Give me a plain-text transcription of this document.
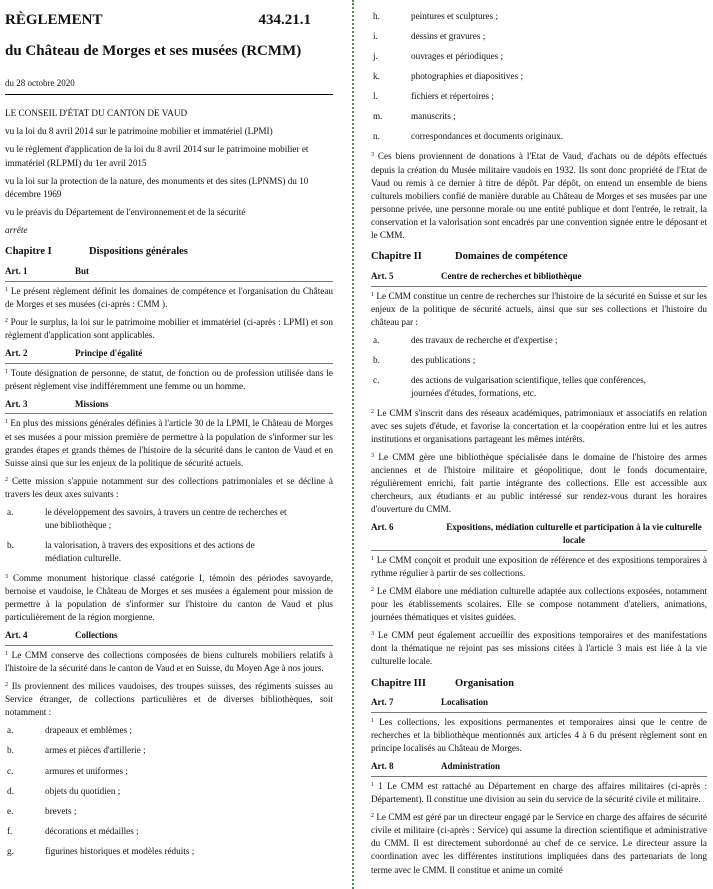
RÈGLEMENT	434.21.1
du Château de Morges et ses musées (RCMM)
du 28 octobre 2020
LE CONSEIL D'ÉTAT DU CANTON DE VAUD
vu la loi du 8 avril 2014 sur le patrimoine mobilier et immatériel (LPMI)
vu le règlement d'application de la loi du 8 avril 2014 sur le patrimoine mobilier et immatériel (RLPMI) du 1er avril 2015
vu la loi sur la protection de la nature, des monuments et des sites (LPNMS) du 10 décembre 1969
vu le préavis du Département de l'environnement et de la sécurité
arrête
Chapitre I	Dispositions générales
Art. 1	But

$^1$ Le présent règlement définit les domaines de compétence et l'organisation du Château de Morges et ses musées (ci-après : CMM ).

$^2$ Pour le surplus, la loi sur le patrimoine mobilier et immatériel (ci-après : LPMI) et son règlement d'application sont applicables.

Art. 2	Principe d'égalité

$^1$ Toute désignation de personne, de statut, de fonction ou de profession utilisée dans le présent règlement vise indifféremment une femme ou un homme.

Art. 3	Missions

$^1$ En plus des missions générales définies à l'article 30 de la LPMI, le Château de Morges et ses musées a pour mission première de permettre à la population de s'informer sur les grandes étapes et grands thèmes de l'histoire de la sécurité dans le canton de Vaud et en Suisse ainsi que sur les enjeux de la politique de sécurité actuels.

$^2$ Cette mission s'appuie notamment sur des collections patrimoniales et se décline à travers les deux axes suivants :

a.	le développement des savoirs, à travers un centre de recherches et une bibliothèque ;
b.	la valorisation, à travers des expositions et des actions de médiation culturelle.

$^3$ Comme monument historique classé catégorie I, témoin des périodes savoyarde, bernoise et vaudoise, le Château de Morges et ses musées a également pour mission de permettre à la population de s'informer sur l'histoire du canton de Vaud et plus particulièrement de la région morgienne.

Art. 4	Collections

$^1$ Le CMM conserve des collections composées de biens culturels mobiliers relatifs à l'histoire de la sécurité dans le canton de Vaud et en Suisse, du Moyen Age à nos jours.

$^2$ Ils proviennent des milices vaudoises, des troupes suisses, des régiments suisses au Service étranger, de collections particulières et de diverses bibliothèques, soit notamment :

a.	drapeaux et emblèmes ;
b.	armes et pièces d'artillerie ;
c.	armures et uniformes ;
d.	objets du quotidien ;
e.	brevets ;
f.	décorations et médailles ;
g.	figurines historiques et modèles réduits ;
h.	peintures et sculptures ;
i.	dessins et gravures ;
j.	ouvrages et périodiques ;
k.	photographies et diapositives ;
l.	fichiers et répertoires ;
m.	manuscrits ;
n.	correspondances et documents originaux.

$^3$ Ces biens proviennent de donations à l'Etat de Vaud, d'achats ou de dépôts effectués depuis la création du Musée militaire vaudois en 1932. Ils sont donc propriété de l'Etat de Vaud ou remis à ce dernier à titre de dépôt. Par dépôt, on entend un ensemble de biens culturels mobiliers confié de manière durable au Château de Morges et ses musées par une personne privée, une personne morale ou une entité publique et dont l'entrée, le retrait, la conservation et la valorisation sont encadrés par une convention signée entre le déposant et le CMM.

Chapitre II	Domaines de compétence
Art. 5	Centre de recherches et bibliothèque

$^1$ Le CMM constitue un centre de recherches sur l'histoire de la sécurité en Suisse et sur les enjeux de la politique de sécurité actuels, ainsi que sur ses collections et l'histoire du château par :

a.	des travaux de recherche et d'expertise ;
b.	des publications ;
c.	des actions de vulgarisation scientifique, telles que conférences, journées d'études, formations, etc.

$^2$ Le CMM s'inscrit dans des réseaux académiques, patrimoniaux et associatifs en relation avec ses sujets d'étude, et favorise la concertation et la coopération entre lui et les autres institutions et organisations partageant les mêmes intérêts.

$^3$ Le CMM gère une bibliothèque spécialisée dans le domaine de l'histoire des armes anciennes et de l'histoire militaire et géopolitique, dont le fonds documentaire, régulièrement enrichi, fait partie intégrante des collections. Elle est accessible aux chercheurs, aux étudiants et au public intéressé sur rendez-vous durant les horaires d'ouverture du CMM.

Art. 6	Expositions, médiation culturelle et participation à la vie culturelle locale

$^1$ Le CMM conçoit et produit une exposition de référence et des expositions temporaires à rythme régulier à partir de ses collections.

$^2$ Le CMM élabore une médiation culturelle adaptée aux collections exposées, notamment pour les établissements scolaires. Elle se compose notamment d'ateliers, animations, journées thématiques et visites guidées.

$^3$ Le CMM peut également accueillir des expositions temporaires et des manifestations dont la thématique ne rejoint pas ses missions citées à l'article 3 mais est liée à la vie culturelle locale.

Chapitre III	Organisation
Art. 7	Localisation

$^1$ Les collections, les expositions permanentes et temporaires ainsi que le centre de recherches et la bibliothèque mentionnés aux articles 4 à 6 du présent règlement sont en principe localisés au Château de Morges.

Art. 8	Administration

$^1$ 1 Le CMM est rattaché au Département en charge des affaires militaires (ci-après : Département). Il constitue une division au sein du service de la sécurité civile et militaire.

$^2$ Le CMM est géré par un directeur engagé par le Service en charge des affaires de sécurité civile et militaire (ci-après : Service) qui assume la direction scientifique et administrative du CMM. Il est directement subordonné au chef de ce service. Le directeur assure la coordination avec les différentes institutions impliquées dans des partenariats de long terme avec le CMM. Il constitue et anime un comité
